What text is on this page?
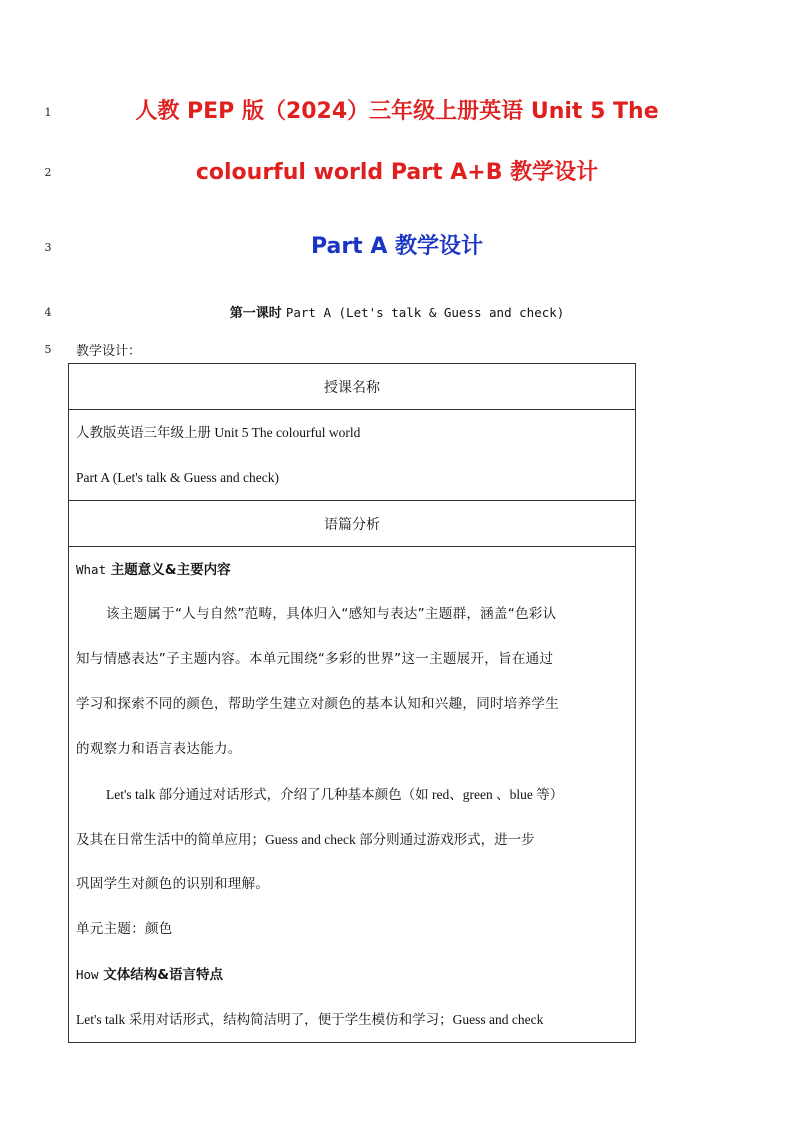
1
2
3
4
5
人教 PEP 版（2024）三年级上册英语 Unit 5 The
colourful world Part A+B 教学设计
Part A 教学设计
第一课时 Part A (Let's talk & Guess and check)
教学设计：
授课名称

人教版英语三年级上册 Unit 5 The colourful world
Part A (Let's talk & Guess and check)

语篇分析

What 主题意义&主要内容
该主题属于“人与自然”范畴，具体归入“感知与表达”主题群，涵盖“色彩认
知与情感表达”子主题内容。本单元围绕“多彩的世界”这一主题展开，旨在通过
学习和探索不同的颜色，帮助学生建立对颜色的基本认知和兴趣，同时培养学生
的观察力和语言表达能力。
Let's talk 部分通过对话形式，介绍了几种基本颜色（如 red、green 、blue 等）
及其在日常生活中的简单应用；Guess and check 部分则通过游戏形式，进一步
巩固学生对颜色的识别和理解。
单元主题：颜色
How 文体结构&语言特点
Let's talk 采用对话形式，结构简洁明了，便于学生模仿和学习；Guess and check
